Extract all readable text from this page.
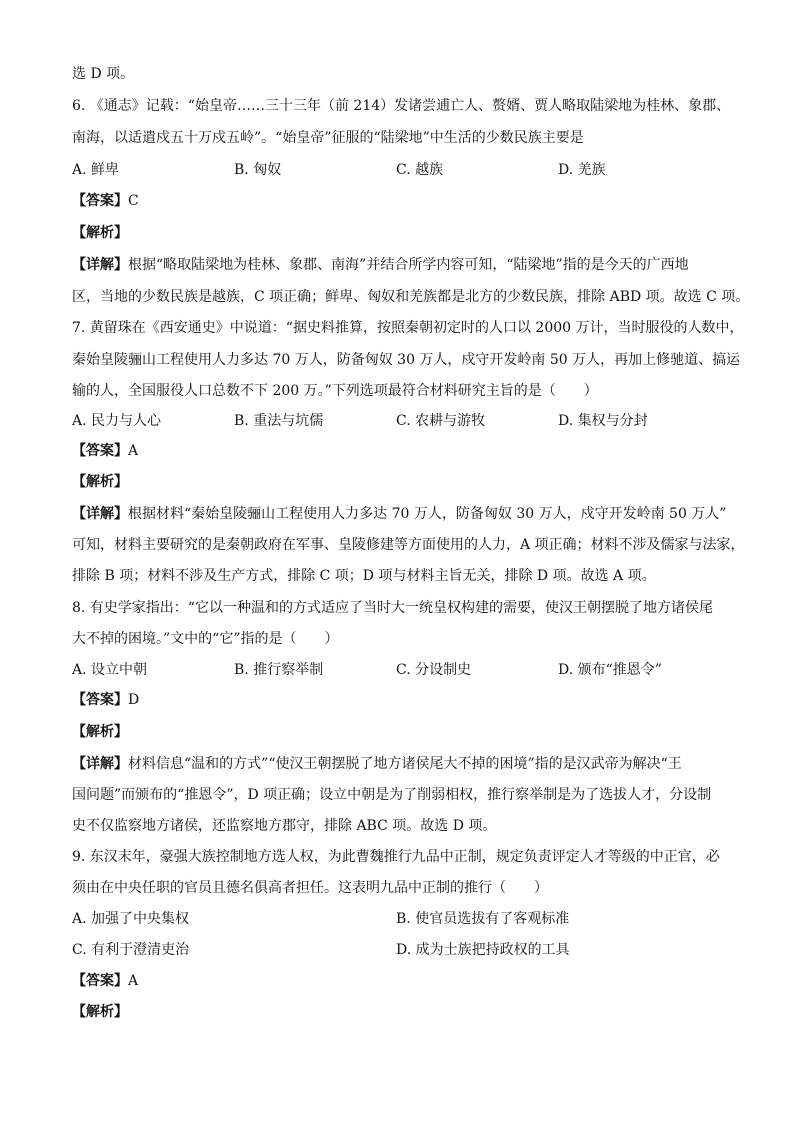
选 D 项。
6. 《通志》记载：“始皇帝……三十三年（前 214）发诸尝逋亡人、赘婿、贾人略取陆梁地为桂林、象郡、
南海，以适遣戍五十万戍五岭”。“始皇帝”征服的“陆梁地”中生活的少数民族主要是
A. 鲜卑	B. 匈奴	C. 越族	D. 羌族
【答案】C
【解析】
【详解】根据“略取陆梁地为桂林、象郡、南海”并结合所学内容可知，“陆梁地”指的是今天的广西地
区，当地的少数民族是越族，C 项正确；鲜卑、匈奴和羌族都是北方的少数民族，排除 ABD 项。故选 C 项。
7. 黄留珠在《西安通史》中说道：“据史料推算，按照秦朝初定时的人口以 2000 万计，当时服役的人数中，
秦始皇陵骊山工程使用人力多达 70 万人，防备匈奴 30 万人，戍守开发岭南 50 万人，再加上修驰道、搞运
输的人，全国服役人口总数不下 200 万。”下列选项最符合材料研究主旨的是（　　）
A. 民力与人心	B. 重法与坑儒	C. 农耕与游牧	D. 集权与分封
【答案】A
【解析】
【详解】根据材料“秦始皇陵骊山工程使用人力多达 70 万人，防备匈奴 30 万人，戍守开发岭南 50 万人”
可知，材料主要研究的是秦朝政府在军事、皇陵修建等方面使用的人力，A 项正确；材料不涉及儒家与法家，
排除 B 项；材料不涉及生产方式，排除 C 项；D 项与材料主旨无关，排除 D 项。故选 A 项。
8. 有史学家指出：“它以一种温和的方式适应了当时大一统皇权构建的需要，使汉王朝摆脱了地方诸侯尾
大不掉的困境。”文中的“它”指的是（　　）
A. 设立中朝	B. 推行察举制	C. 分设制史	D. 颁布“推恩令”
【答案】D
【解析】
【详解】材料信息“温和的方式”“使汉王朝摆脱了地方诸侯尾大不掉的困境”指的是汉武帝为解决“王
国问题”而颁布的“推恩令”，D 项正确；设立中朝是为了削弱相权，推行察举制是为了选拔人才，分设制
史不仅监察地方诸侯，还监察地方郡守，排除 ABC 项。故选 D 项。
9. 东汉末年，豪强大族控制地方选人权，为此曹魏推行九品中正制，规定负责评定人才等级的中正官，必
须由在中央任职的官员且德名俱高者担任。这表明九品中正制的推行（　　）
A. 加强了中央集权	B. 使官员选拔有了客观标准
C. 有利于澄清吏治	D. 成为士族把持政权的工具
【答案】A
【解析】
